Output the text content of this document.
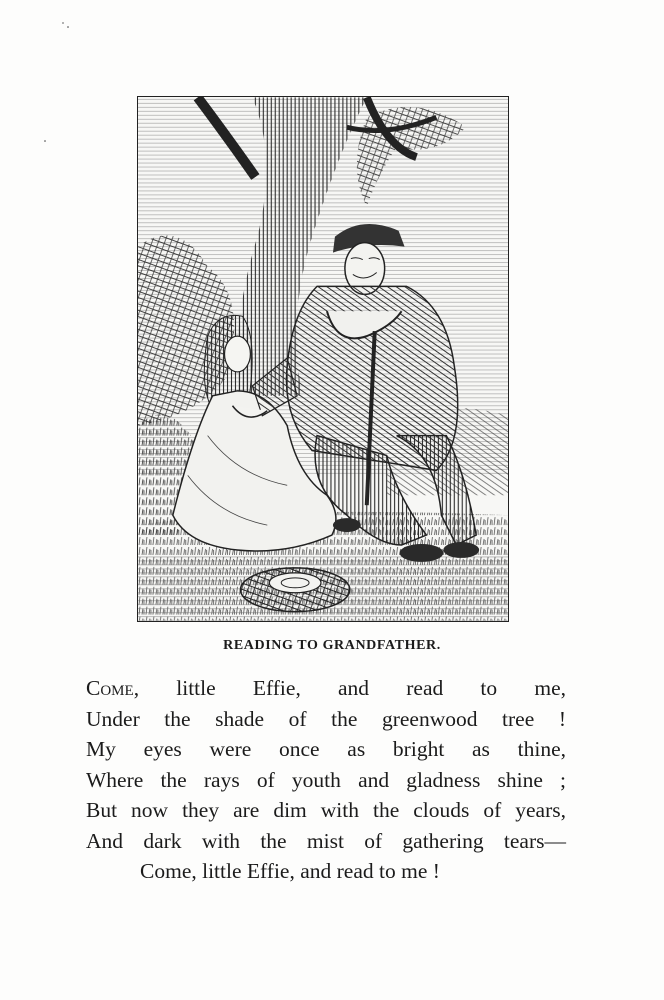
READING TO GRANDFATHER.
Come, little Effie, and read to me,
Under the shade of the greenwood tree !
My eyes were once as bright as thine,
Where the rays of youth and gladness shine ;
But now they are dim with the clouds of years,
And dark with the mist of gathering tears—
Come, little Effie, and read to me !
